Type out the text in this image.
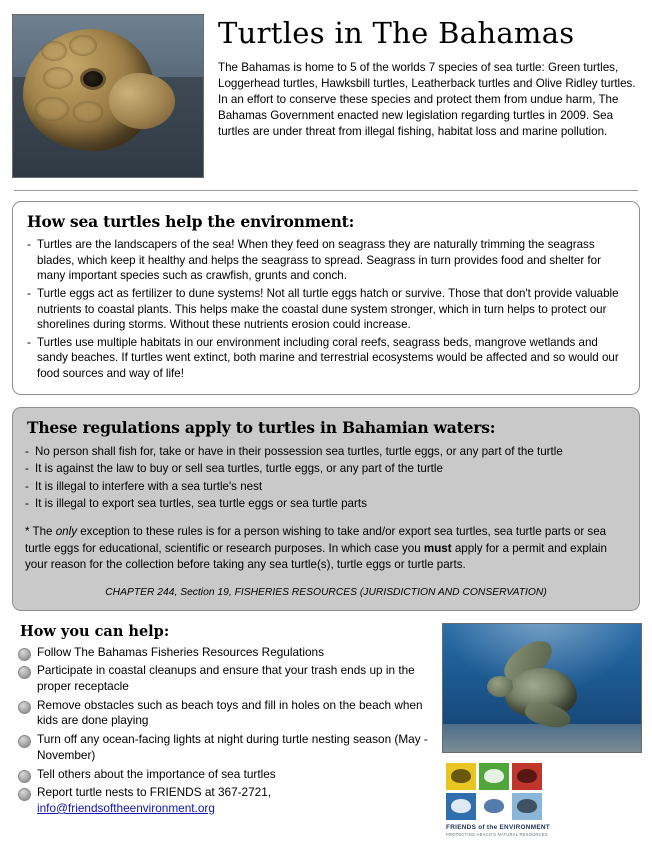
Turtles in The Bahamas

The Bahamas is home to 5 of the worlds 7 species of sea turtle: Green turtles, Loggerhead turtles, Hawksbill turtles, Leatherback turtles and Olive Ridley turtles. In an effort to conserve these species and protect them from undue harm, The Bahamas Government enacted new legislation regarding turtles in 2009. Sea turtles are under threat from illegal fishing, habitat loss and marine pollution.

How sea turtles help the environment:
- Turtles are the landscapers of the sea! When they feed on seagrass they are naturally trimming the seagrass blades, which keep it healthy and helps the seagrass to spread. Seagrass in turn provides food and shelter for many important species such as crawfish, grunts and conch.
- Turtle eggs act as fertilizer to dune systems! Not all turtle eggs hatch or survive. Those that don't provide valuable nutrients to coastal plants. This helps make the coastal dune system stronger, which in turn helps to protect our shorelines during storms. Without these nutrients erosion could increase.
- Turtles use multiple habitats in our environment including coral reefs, seagrass beds, mangrove wetlands and sandy beaches. If turtles went extinct, both marine and terrestrial ecosystems would be affected and so would our food sources and way of life!
These regulations apply to turtles in Bahamian waters:
- No person shall fish for, take or have in their possession sea turtles, turtle eggs, or any part of the turtle
- It is against the law to buy or sell sea turtles, turtle eggs, or any part of the turtle
- It is illegal to interfere with a sea turtle's nest
- It is illegal to export sea turtles, sea turtle eggs or sea turtle parts

* The only exception to these rules is for a person wishing to take and/or export sea turtles, sea turtle parts or sea turtle eggs for educational, scientific or research purposes. In which case you must apply for a permit and explain your reason for the collection before taking any sea turtle(s), turtle eggs or turtle parts.

CHAPTER 244, Section 19, FISHERIES RESOURCES (JURISDICTION AND CONSERVATION)

How you can help:
Follow The Bahamas Fisheries Resources Regulations
Participate in coastal cleanups and ensure that your trash ends up in the proper receptacle
Remove obstacles such as beach toys and fill in holes on the beach when kids are done playing
Turn off any ocean-facing lights at night during turtle nesting season (May - November)
Tell others about the importance of sea turtles
Report turtle nests to FRIENDS at 367-2721,
info@friendsoftheenvironment.org
FRIENDS of the ENVIRONMENT
PROTECTING ABACO'S NATURAL RESOURCES
